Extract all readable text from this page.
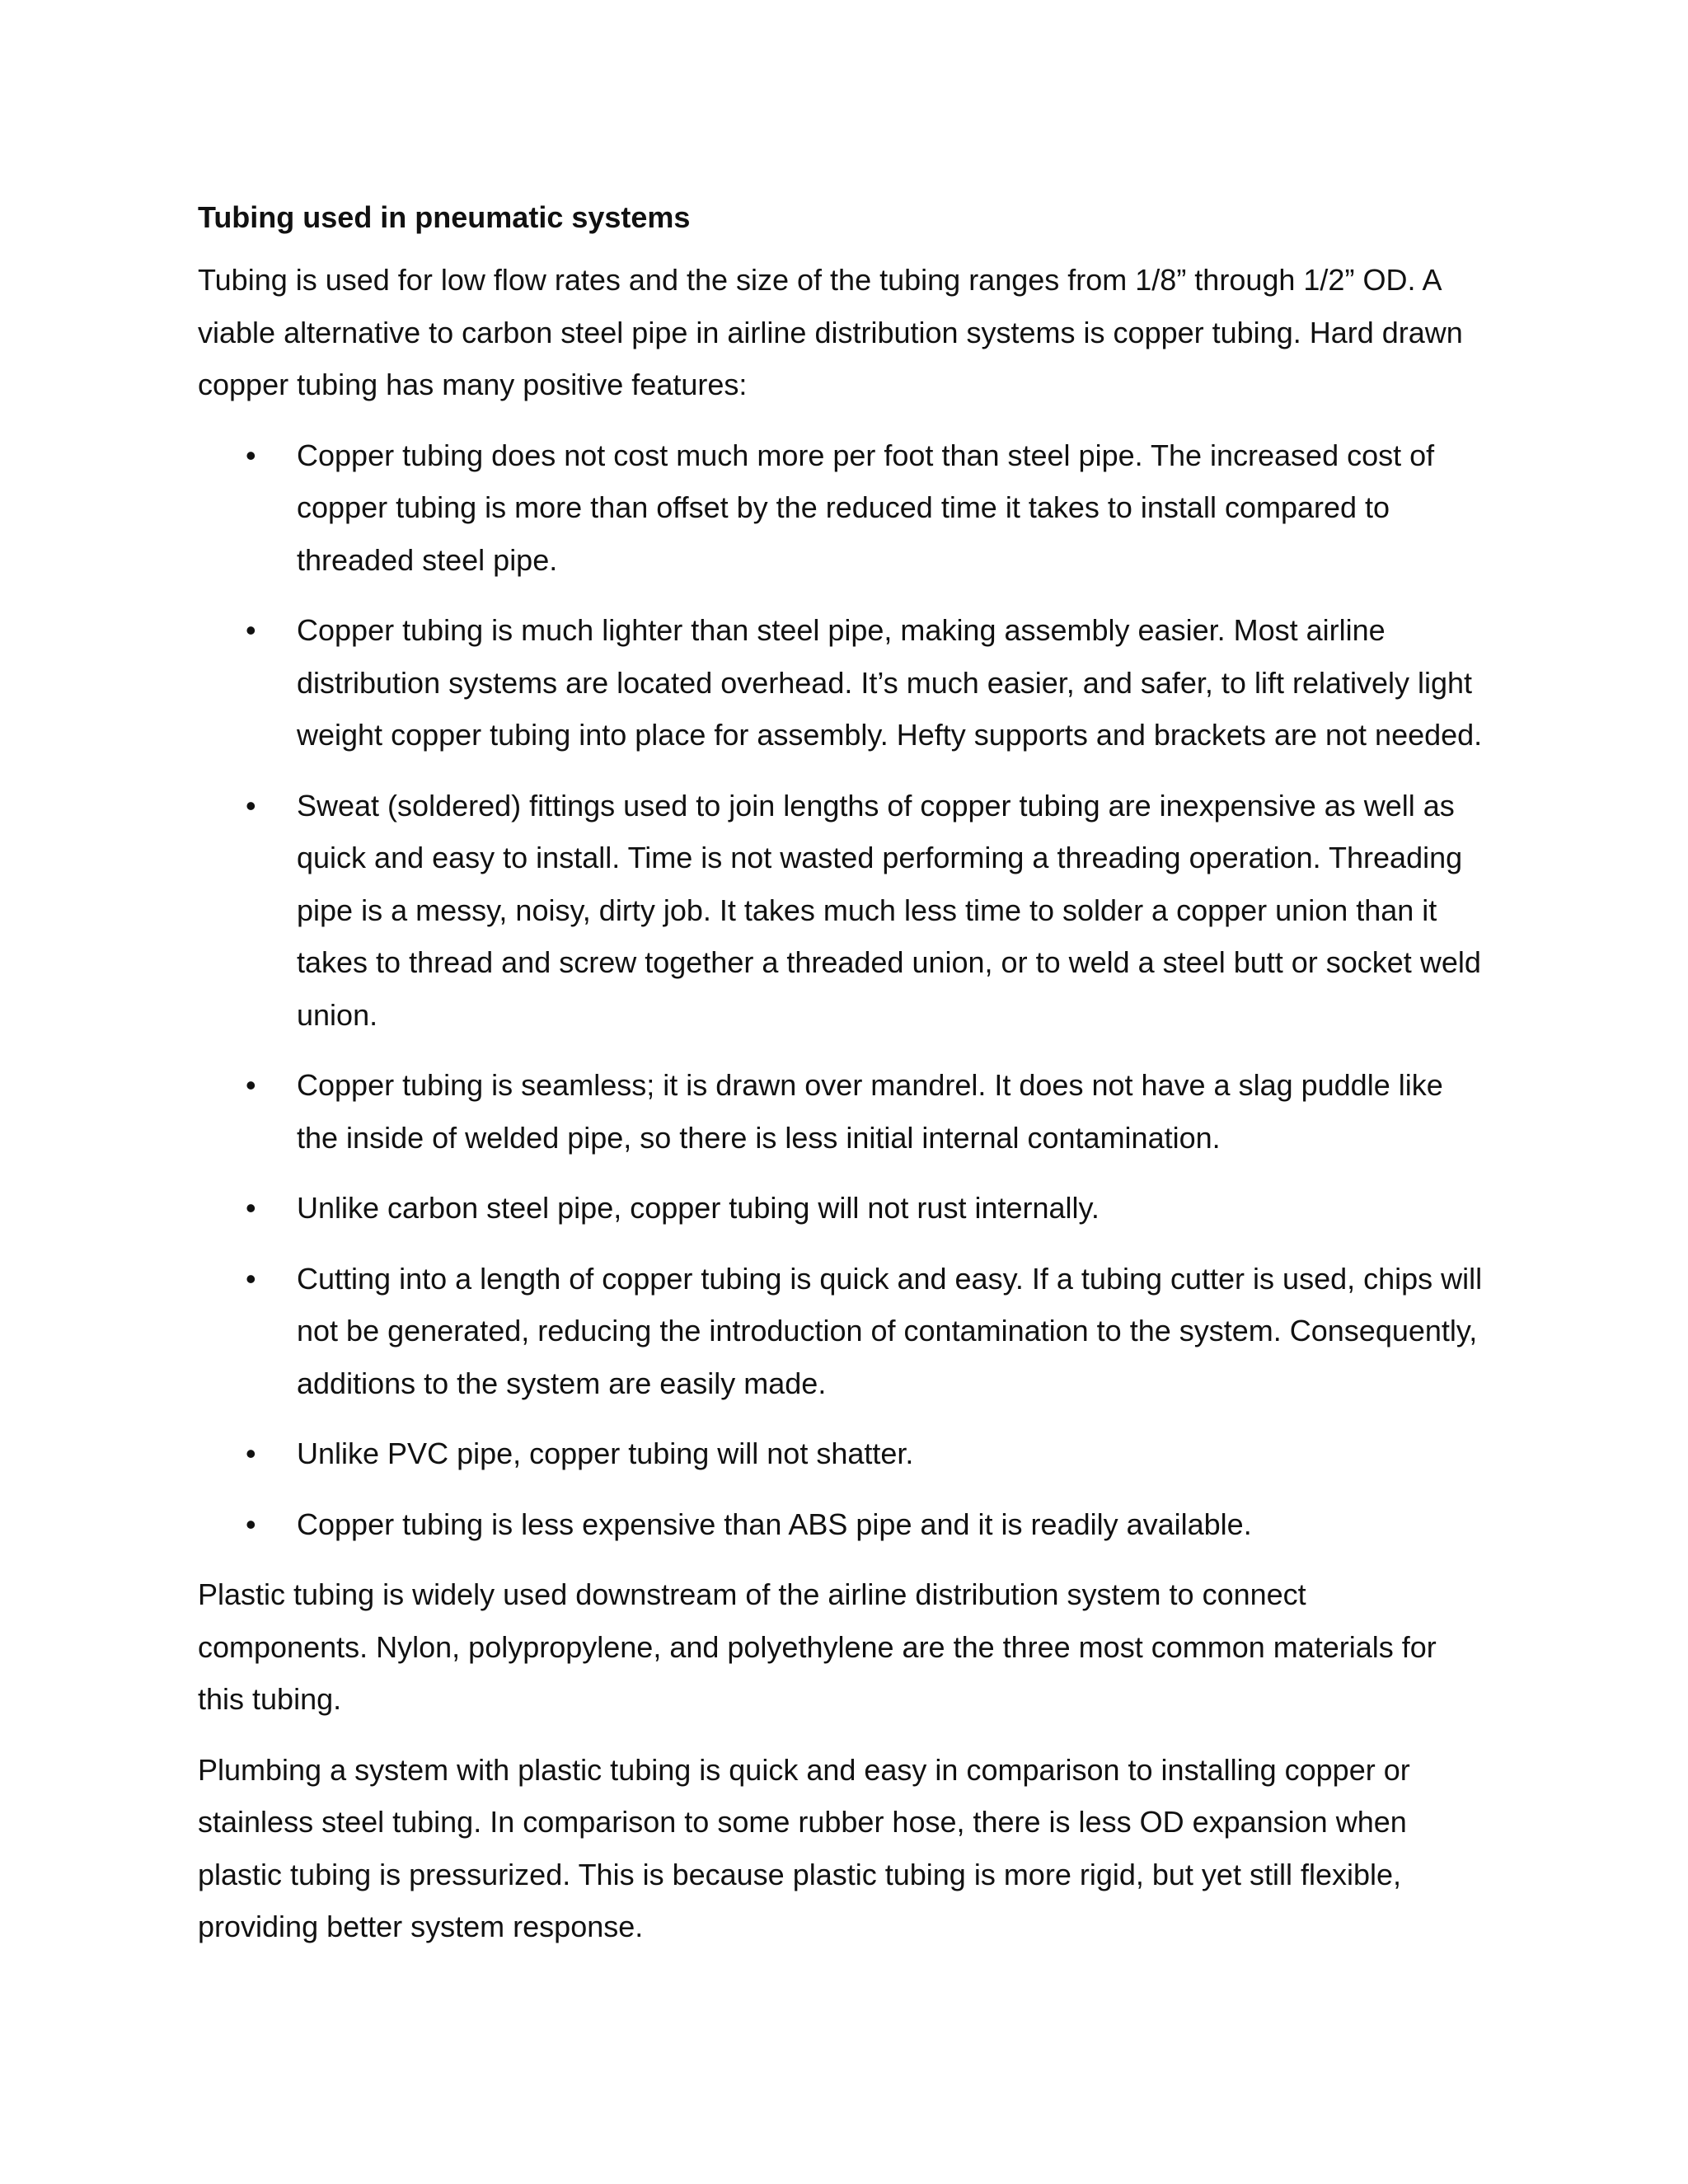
Tubing used in pneumatic systems

Tubing is used for low flow rates and the size of the tubing ranges from 1/8” through 1/2” OD. A viable alternative to carbon steel pipe in airline distribution systems is copper tubing. Hard drawn copper tubing has many positive features:

• Copper tubing does not cost much more per foot than steel pipe. The increased cost of copper tubing is more than offset by the reduced time it takes to install compared to threaded steel pipe.
• Copper tubing is much lighter than steel pipe, making assembly easier. Most airline distribution systems are located overhead. It’s much easier, and safer, to lift relatively light weight copper tubing into place for assembly. Hefty supports and brackets are not needed.
• Sweat (soldered) fittings used to join lengths of copper tubing are inexpensive as well as quick and easy to install. Time is not wasted performing a threading operation. Threading pipe is a messy, noisy, dirty job. It takes much less time to solder a copper union than it takes to thread and screw together a threaded union, or to weld a steel butt or socket weld union.
• Copper tubing is seamless; it is drawn over mandrel. It does not have a slag puddle like the inside of welded pipe, so there is less initial internal contamination.
• Unlike carbon steel pipe, copper tubing will not rust internally.
• Cutting into a length of copper tubing is quick and easy. If a tubing cutter is used, chips will not be generated, reducing the introduction of contamination to the system. Consequently, additions to the system are easily made.
• Unlike PVC pipe, copper tubing will not shatter.
• Copper tubing is less expensive than ABS pipe and it is readily available.

Plastic tubing is widely used downstream of the airline distribution system to connect components. Nylon, polypropylene, and polyethylene are the three most common materials for this tubing.

Plumbing a system with plastic tubing is quick and easy in comparison to installing copper or stainless steel tubing. In comparison to some rubber hose, there is less OD expansion when plastic tubing is pressurized. This is because plastic tubing is more rigid, but yet still flexible, providing better system response.
